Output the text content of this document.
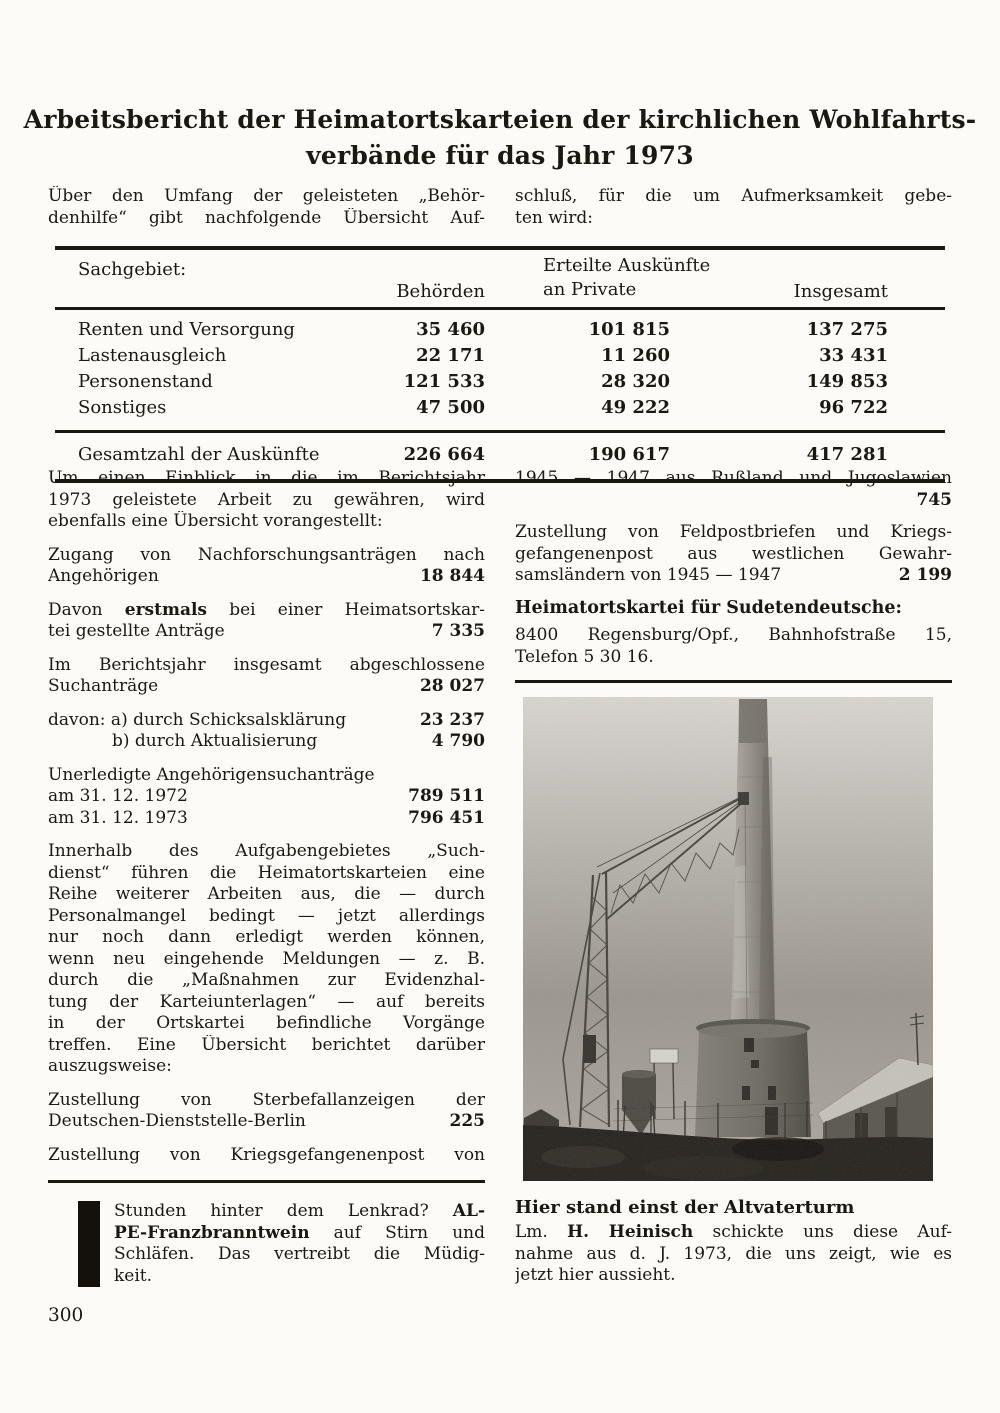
Arbeitsbericht der Heimatortskarteien der kirchlichen Wohlfahrts-
verbände für das Jahr 1973
Über den Umfang der geleisteten „Behör-
denhilfe“ gibt nachfolgende Übersicht Auf-
schluß, für die um Aufmerksamkeit gebe-
ten wird:
Sachgebiet:
Behörden
Erteilte Auskünfte
an Private	Insgesamt
Renten und Versorgung	35 460	101 815	137 275
Lastenausgleich	22 171	11 260	33 431
Personenstand	121 533	28 320	149 853
Sonstiges	47 500	49 222	96 722
Gesamtzahl der Auskünfte	226 664	190 617	417 281
Um einen Einblick in die im Berichtsjahr
1973 geleistete Arbeit zu gewähren, wird
ebenfalls eine Übersicht vorangestellt:
Zugang von Nachforschungsanträgen nach
Angehörigen	18 844
Davon erstmals bei einer Heimatsortskar-
tei gestellte Anträge	7 335
Im Berichtsjahr insgesamt abgeschlossene
Suchanträge	28 027
davon: a) durch Schicksalsklärung	23 237
b) durch Aktualisierung	4 790
Unerledigte Angehörigensuchanträge
am 31. 12. 1972	789 511
am 31. 12. 1973	796 451
Innerhalb des Aufgabengebietes „Such-
dienst“ führen die Heimatortskarteien eine
Reihe weiterer Arbeiten aus, die — durch
Personalmangel bedingt — jetzt allerdings
nur noch dann erledigt werden können,
wenn neu eingehende Meldungen — z. B.
durch die „Maßnahmen zur Evidenzhal-
tung der Karteiunterlagen“ — auf bereits
in der Ortskartei befindliche Vorgänge
treffen. Eine Übersicht berichtet darüber
auszugsweise:
Zustellung von Sterbefallanzeigen der
Deutschen-Dienststelle-Berlin	225
Zustellung von Kriegsgefangenenpost von
Stunden hinter dem Lenkrad? AL-
PE-Franzbranntwein auf Stirn und
Schläfen. Das vertreibt die Müdig-
keit.
300
1945 — 1947 aus Rußland und Jugoslawien
745
Zustellung von Feldpostbriefen und Kriegs-
gefangenenpost aus westlichen Gewahr-
samsländern von 1945 — 1947	2 199
Heimatortskartei für Sudetendeutsche:
8400 Regensburg/Opf., Bahnhofstraße 15,
Telefon 5 30 16.
Hier stand einst der Altvaterturm
Lm. H. Heinisch schickte uns diese Auf-
nahme aus d. J. 1973, die uns zeigt, wie es
jetzt hier aussieht.
